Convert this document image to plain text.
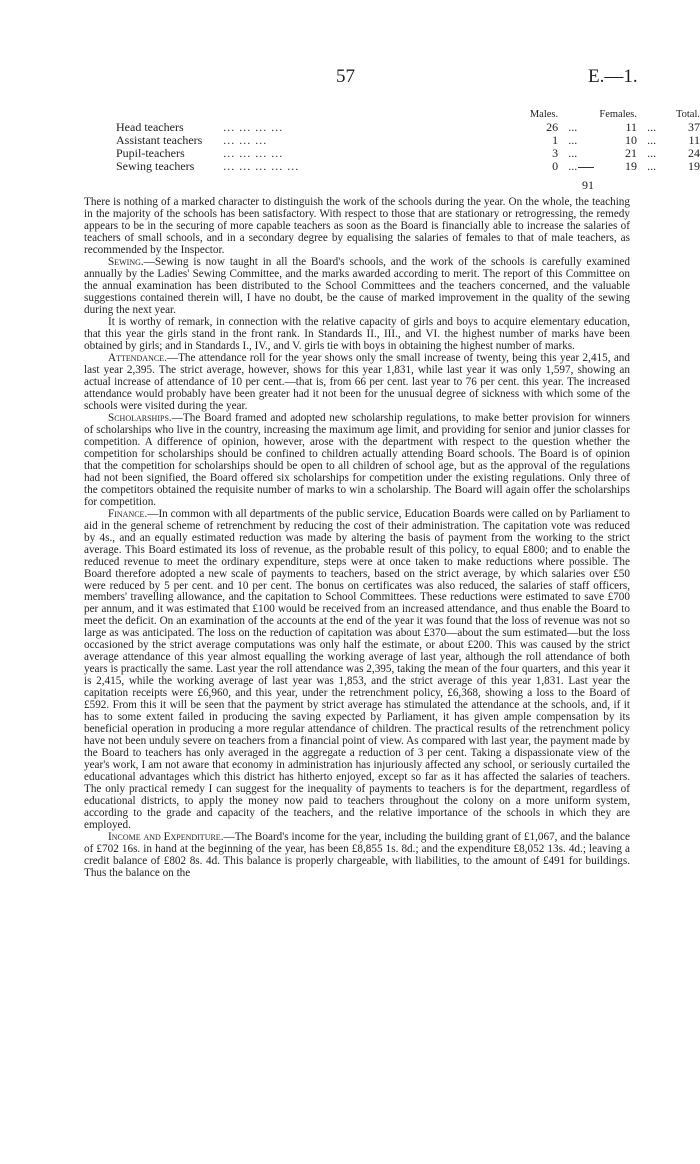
57	E.—1.
		Males.		Females.		Total.
Head teachers	... ... ... ...	26	...	11	...	37
Assistant teachers	... ... ...	1	...	10	...	11
Pupil-teachers	... ... ... ...	3	...	21	...	24
Sewing teachers	... ... ... ... ...	0	...	19	...	19
91

There is nothing of a marked character to distinguish the work of the schools during the year. On the whole, the teaching in the majority of the schools has been satisfactory. With respect to those that are stationary or retrogressing, the remedy appears to be in the securing of more capable teachers as soon as the Board is financially able to increase the salaries of teachers of small schools, and in a secondary degree by equalising the salaries of females to that of male teachers, as recommended by the Inspector.

Sewing.—Sewing is now taught in all the Board's schools, and the work of the schools is carefully examined annually by the Ladies' Sewing Committee, and the marks awarded according to merit. The report of this Committee on the annual examination has been distributed to the School Committees and the teachers concerned, and the valuable suggestions contained therein will, I have no doubt, be the cause of marked improvement in the quality of the sewing during the next year.

It is worthy of remark, in connection with the relative capacity of girls and boys to acquire elementary education, that this year the girls stand in the front rank. In Standards II., III., and VI. the highest number of marks have been obtained by girls; and in Standards I., IV., and V. girls tie with boys in obtaining the highest number of marks.

Attendance.—The attendance roll for the year shows only the small increase of twenty, being this year 2,415, and last year 2,395. The strict average, however, shows for this year 1,831, while last year it was only 1,597, showing an actual increase of attendance of 10 per cent.—that is, from 66 per cent. last year to 76 per cent. this year. The increased attendance would probably have been greater had it not been for the unusual degree of sickness with which some of the schools were visited during the year.

Scholarships.—The Board framed and adopted new scholarship regulations, to make better provision for winners of scholarships who live in the country, increasing the maximum age limit, and providing for senior and junior classes for competition. A difference of opinion, however, arose with the department with respect to the question whether the competition for scholarships should be confined to children actually attending Board schools. The Board is of opinion that the competition for scholarships should be open to all children of school age, but as the approval of the regulations had not been signified, the Board offered six scholarships for competition under the existing regulations. Only three of the competitors obtained the requisite number of marks to win a scholarship. The Board will again offer the scholarships for competition.

Finance.—In common with all departments of the public service, Education Boards were called on by Parliament to aid in the general scheme of retrenchment by reducing the cost of their administration. The capitation vote was reduced by 4s., and an equally estimated reduction was made by altering the basis of payment from the working to the strict average. This Board estimated its loss of revenue, as the probable result of this policy, to equal £800; and to enable the reduced revenue to meet the ordinary expenditure, steps were at once taken to make reductions where possible. The Board therefore adopted a new scale of payments to teachers, based on the strict average, by which salaries over £50 were reduced by 5 per cent. and 10 per cent. The bonus on certificates was also reduced, the salaries of staff officers, members' travelling allowance, and the capitation to School Committees. These reductions were estimated to save £700 per annum, and it was estimated that £100 would be received from an increased attendance, and thus enable the Board to meet the deficit. On an examination of the accounts at the end of the year it was found that the loss of revenue was not so large as was anticipated. The loss on the reduction of capitation was about £370—about the sum estimated—but the loss occasioned by the strict average computations was only half the estimate, or about £200. This was caused by the strict average attendance of this year almost equalling the working average of last year, although the roll attendance of both years is practically the same. Last year the roll attendance was 2,395, taking the mean of the four quarters, and this year it is 2,415, while the working average of last year was 1,853, and the strict average of this year 1,831. Last year the capitation receipts were £6,960, and this year, under the retrenchment policy, £6,368, showing a loss to the Board of £592. From this it will be seen that the payment by strict average has stimulated the attendance at the schools, and, if it has to some extent failed in producing the saving expected by Parliament, it has given ample compensation by its beneficial operation in producing a more regular attendance of children. The practical results of the retrenchment policy have not been unduly severe on teachers from a financial point of view. As compared with last year, the payment made by the Board to teachers has only averaged in the aggregate a reduction of 3 per cent. Taking a dispassionate view of the year's work, I am not aware that economy in administration has injuriously affected any school, or seriously curtailed the educational advantages which this district has hitherto enjoyed, except so far as it has affected the salaries of teachers. The only practical remedy I can suggest for the inequality of payments to teachers is for the department, regardless of educational districts, to apply the money now paid to teachers throughout the colony on a more uniform system, according to the grade and capacity of the teachers, and the relative importance of the schools in which they are employed.

Income and Expenditure.—The Board's income for the year, including the building grant of £1,067, and the balance of £702 16s. in hand at the beginning of the year, has been £8,855 1s. 8d.; and the expenditure £8,052 13s. 4d.; leaving a credit balance of £802 8s. 4d. This balance is properly chargeable, with liabilities, to the amount of £491 for buildings. Thus the balance on the
